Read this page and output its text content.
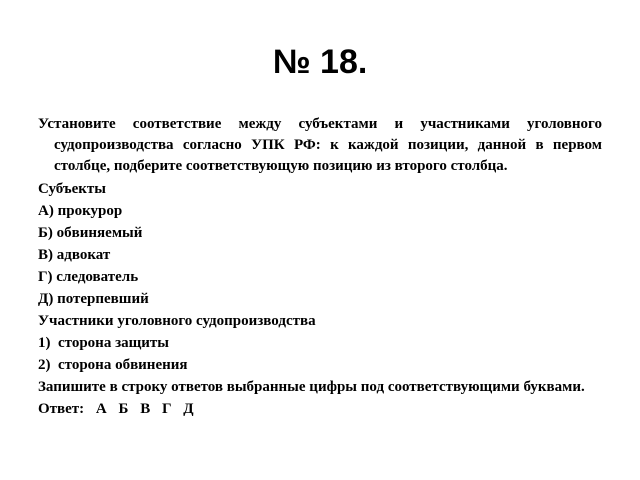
№ 18.

Установите соответствие между субъектами и участниками уголовного судопроизводства согласно УПК РФ: к каждой позиции, данной в первом столбце, подберите соответствующую позицию из второго столбца.

Субъекты
А) прокурор
Б) обвиняемый
В) адвокат
Г) следователь
Д) потерпевший
Участники уголовного судопроизводства
1) сторона защиты
2) сторона обвинения
Запишите в строку ответов выбранные цифры под соответствующими буквами.
Ответ: А Б В Г Д
